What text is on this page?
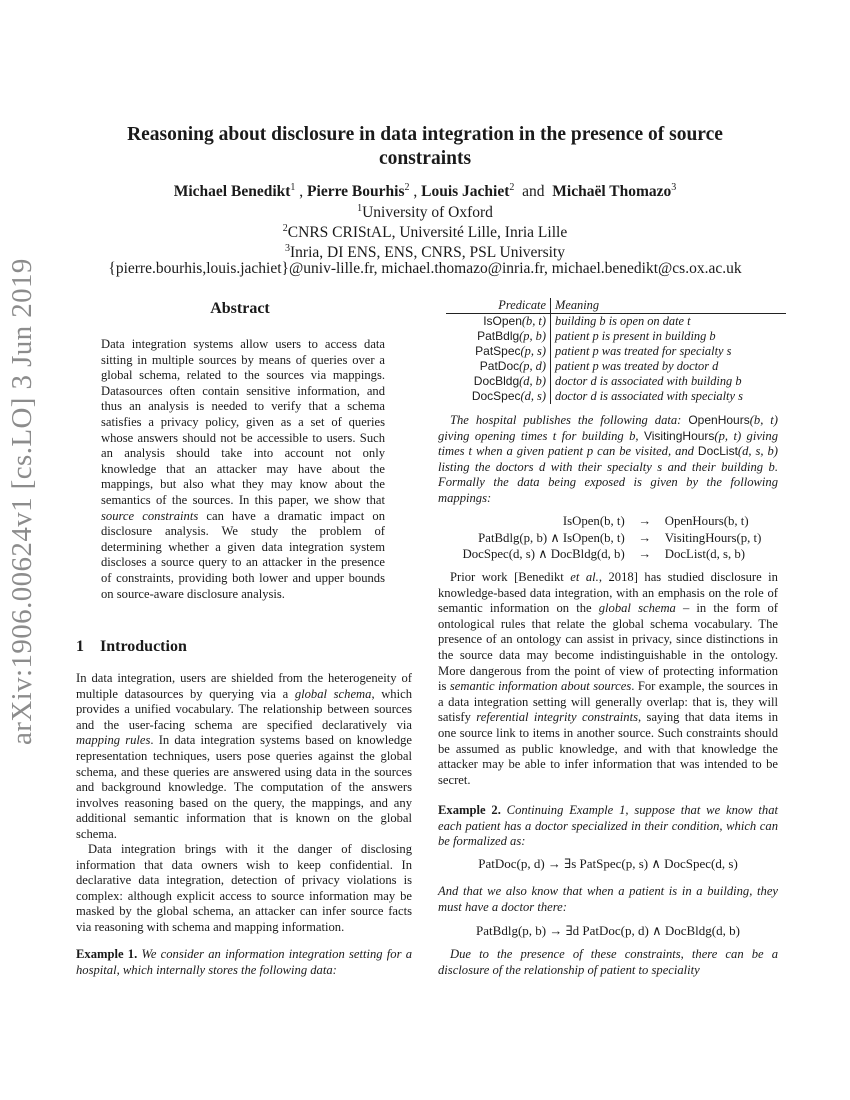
arXiv:1906.00624v1 [cs.LO] 3 Jun 2019
Reasoning about disclosure in data integration in the presence of source constraints
Michael Benedikt$^1$ , Pierre Bourhis$^2$ , Louis Jachiet$^2$ and Michaël Thomazo$^3$
$^1$University of Oxford
$^2$CNRS CRIStAL, Université Lille, Inria Lille
$^3$Inria, DI ENS, ENS, CNRS, PSL University
{pierre.bourhis,louis.jachiet}@univ-lille.fr, michael.thomazo@inria.fr, michael.benedikt@cs.ox.ac.uk
Abstract
Data integration systems allow users to access data sitting in multiple sources by means of queries over a global schema, related to the sources via mappings. Datasources often contain sensitive information, and thus an analysis is needed to verify that a schema satisfies a privacy policy, given as a set of queries whose answers should not be accessible to users. Such an analysis should take into account not only knowledge that an attacker may have about the mappings, but also what they may know about the semantics of the sources. In this paper, we show that source constraints can have a dramatic impact on disclosure analysis. We study the problem of determining whether a given data integration system discloses a source query to an attacker in the presence of constraints, providing both lower and upper bounds on source-aware disclosure analysis.
1 Introduction
In data integration, users are shielded from the heterogeneity of multiple datasources by querying via a global schema, which provides a unified vocabulary. The relationship between sources and the user-facing schema are specified declaratively via mapping rules. In data integration systems based on knowledge representation techniques, users pose queries against the global schema, and these queries are answered using data in the sources and background knowledge. The computation of the answers involves reasoning based on the query, the mappings, and any additional semantic information that is known on the global schema.
Data integration brings with it the danger of disclosing information that data owners wish to keep confidential. In declarative data integration, detection of privacy violations is complex: although explicit access to source information may be masked by the global schema, an attacker can infer source facts via reasoning with schema and mapping information.
Example 1. We consider an information integration setting for a hospital, which internally stores the following data:
Predicate	Meaning
IsOpen(b, t)	building b is open on date t
PatBdlg(p, b)	patient p is present in building b
PatSpec(p, s)	patient p was treated for specialty s
PatDoc(p, d)	patient p was treated by doctor d
DocBldg(d, b)	doctor d is associated with building b
DocSpec(d, s)	doctor d is associated with specialty s
The hospital publishes the following data: OpenHours(b, t) giving opening times t for building b, VisitingHours(p, t) giving times t when a given patient p can be visited, and DocList(d, s, b) listing the doctors d with their specialty s and their building b. Formally the data being exposed is given by the following mappings:
IsOpen(b, t)	→	OpenHours(b, t)
PatBdlg(p, b) ∧ IsOpen(b, t)	→	VisitingHours(p, t)
DocSpec(d, s) ∧ DocBldg(d, b)	→	DocList(d, s, b)
Prior work [Benedikt et al., 2018] has studied disclosure in knowledge-based data integration, with an emphasis on the role of semantic information on the global schema – in the form of ontological rules that relate the global schema vocabulary. The presence of an ontology can assist in privacy, since distinctions in the source data may become indistinguishable in the ontology. More dangerous from the point of view of protecting information is semantic information about sources. For example, the sources in a data integration setting will generally overlap: that is, they will satisfy referential integrity constraints, saying that data items in one source link to items in another source. Such constraints should be assumed as public knowledge, and with that knowledge the attacker may be able to infer information that was intended to be secret.
Example 2. Continuing Example 1, suppose that we know that each patient has a doctor specialized in their condition, which can be formalized as:
PatDoc(p, d) → ∃s PatSpec(p, s) ∧ DocSpec(d, s)
And that we also know that when a patient is in a building, they must have a doctor there:
PatBdlg(p, b) → ∃d PatDoc(p, d) ∧ DocBldg(d, b)
Due to the presence of these constraints, there can be a disclosure of the relationship of patient to speciality
